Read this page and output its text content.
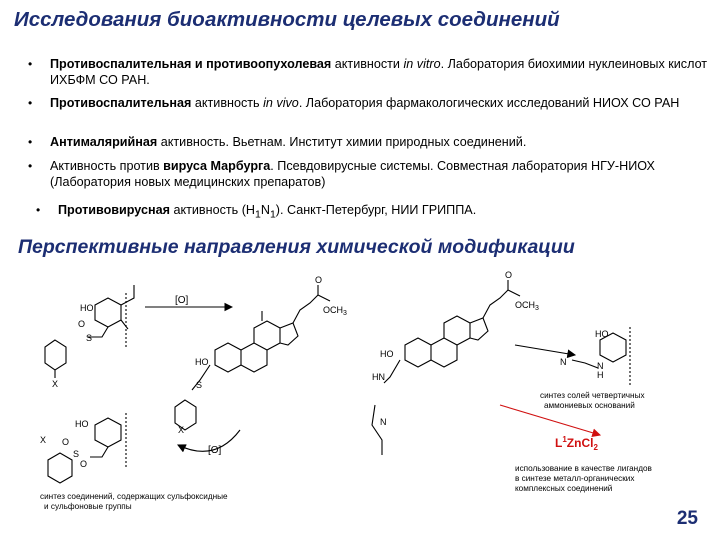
Исследования биоактивности целевых соединений
• Противоспалительная и противоопухолевая активности in vitro. Лаборатория биохимии нуклеиновых кислот ИХБФМ СО РАН.
• Противоспалительная активность in vivo. Лаборатория фармакологических исследований НИОХ СО РАН
• Антималярийная активность. Вьетнам. Институт химии природных соединений.
• Активность против вируса Марбурга. Псевдовирусные системы. Совместная лаборатория НГУ-НИОХ (Лаборатория новых медицинских препаратов)
• Противовирусная активность $(H_1N_1)$. Санкт-Петербург, НИИ ГРИППА.
Перспективные направления химической модификации
HO
O
S
X
HO
S
O
$OCH_3$
X
HO
O
S
O
X
O
$OCH_3$
HO
HN
N
HO
N	N
H
[O]
[O]
синтез соединений, содержащих сульфоксидные
и сульфоновые группы
синтез солей четвертичных
аммониевых оснований
использование в качестве лигандов
в синтезе металл-органических
комплексных соединений
$L^1ZnCl_2$
25
